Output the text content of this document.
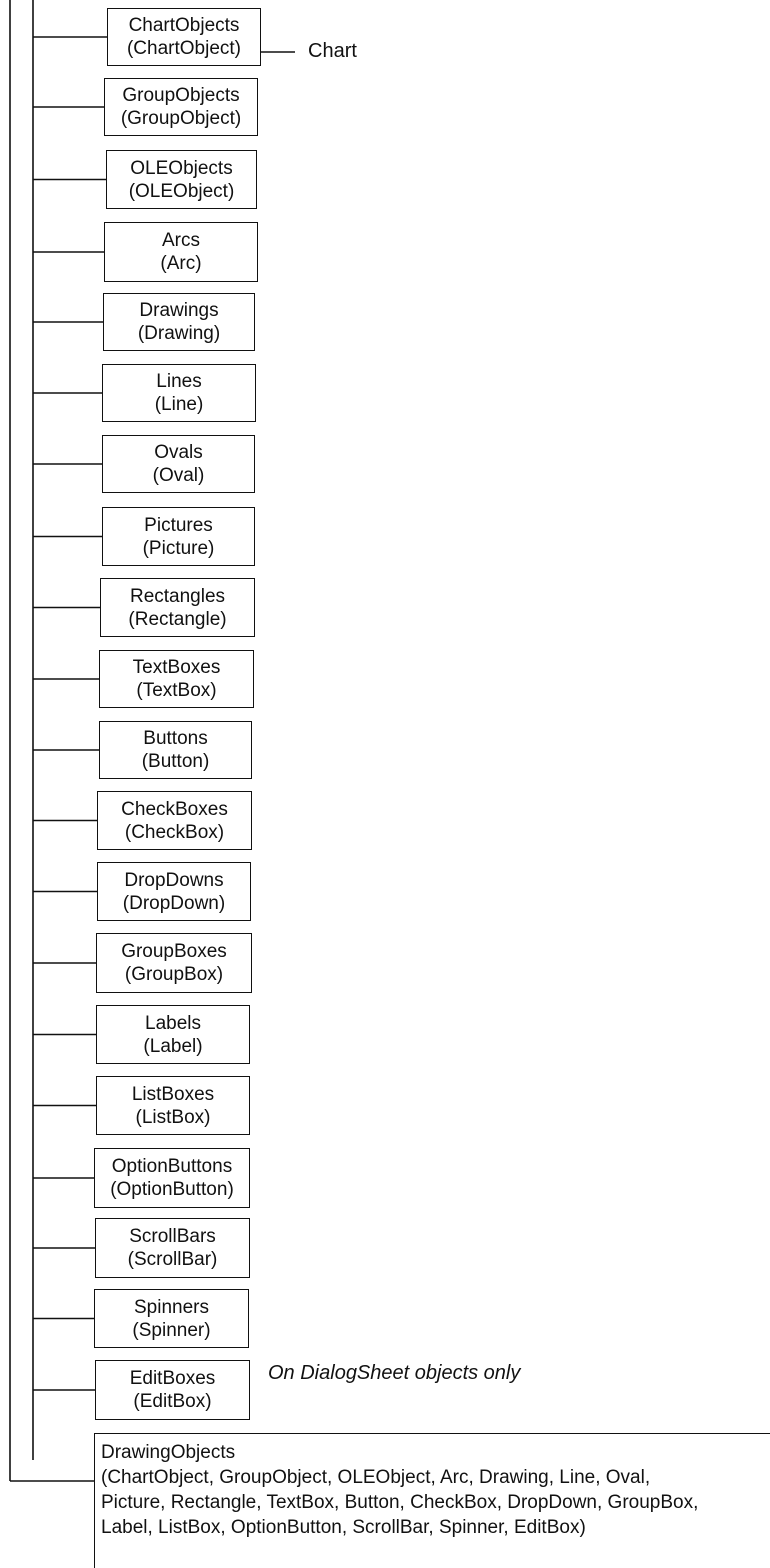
ChartObjects
(ChartObject)
GroupObjects
(GroupObject)
OLEObjects
(OLEObject)
Arcs
(Arc)
Drawings
(Drawing)
Lines
(Line)
Ovals
(Oval)
Pictures
(Picture)
Rectangles
(Rectangle)
TextBoxes
(TextBox)
Buttons
(Button)
CheckBoxes
(CheckBox)
DropDowns
(DropDown)
GroupBoxes
(GroupBox)
Labels
(Label)
ListBoxes
(ListBox)
OptionButtons
(OptionButton)
ScrollBars
(ScrollBar)
Spinners
(Spinner)
EditBoxes
(EditBox)
Chart
On DialogSheet objects only
DrawingObjects
(ChartObject, GroupObject, OLEObject, Arc, Drawing, Line, Oval,
Picture, Rectangle, TextBox, Button, CheckBox, DropDown, GroupBox,
Label, ListBox, OptionButton, ScrollBar, Spinner, EditBox)
